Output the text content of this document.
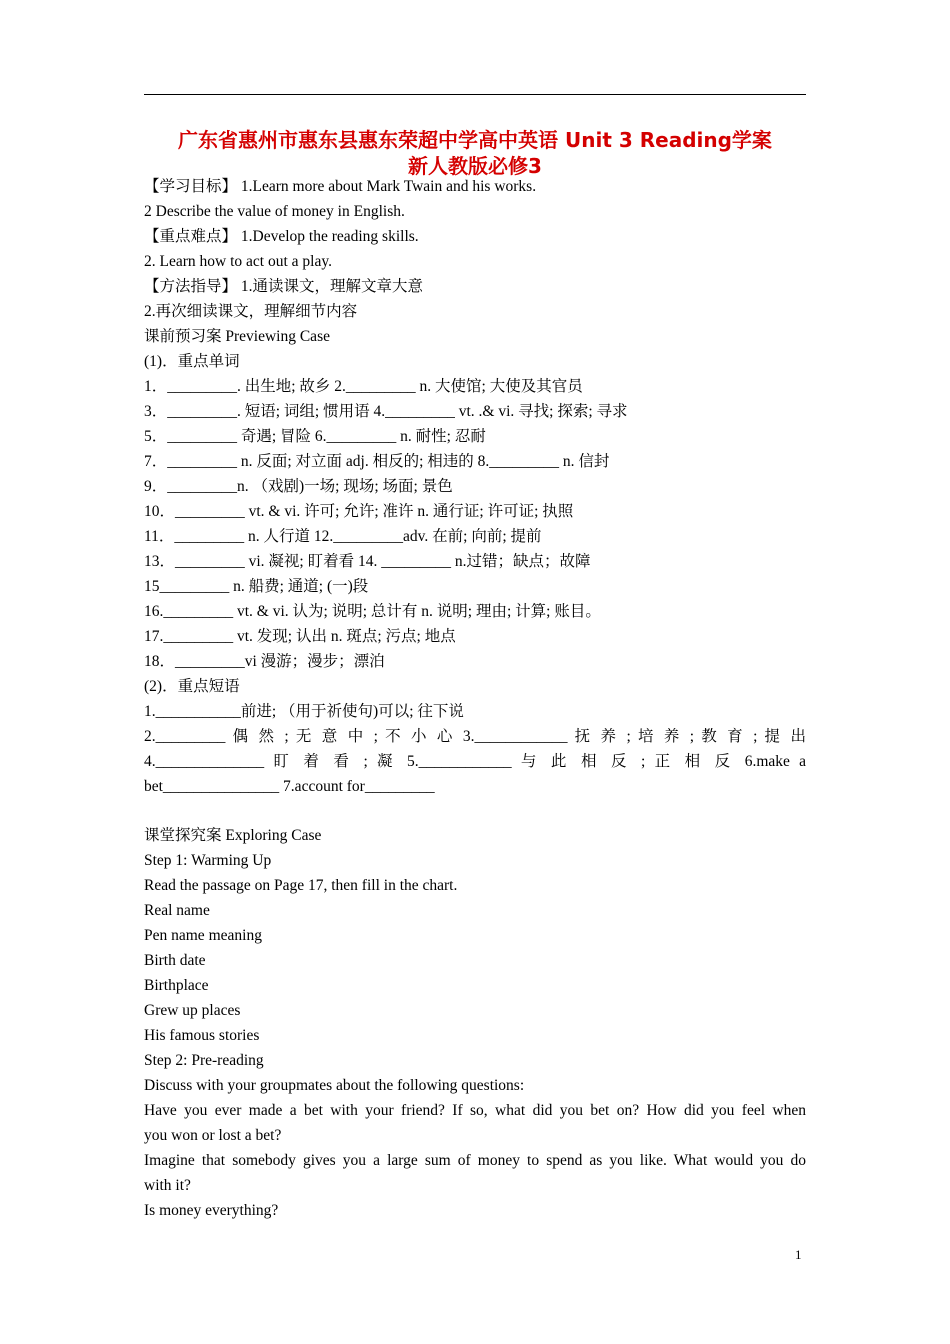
广东省惠州市惠东县惠东荣超中学高中英语 Unit 3 Reading学案
新人教版必修3
【学习目标】 1.Learn more about Mark Twain and his works.
2 Describe the value of money in English.
【重点难点】 1.Develop the reading skills.
2. Learn how to act out a play.
【方法指导】 1.通读课文，理解文章大意
2.再次细读课文，理解细节内容
课前预习案 Previewing Case
(1)．重点单词
1．_________. 出生地; 故乡 2._________ n. 大使馆; 大使及其官员
3．_________. 短语; 词组; 惯用语 4._________ vt. .& vi. 寻找; 探索; 寻求
5．_________ 奇遇; 冒险 6._________ n. 耐性; 忍耐
7．_________ n. 反面; 对立面 adj. 相反的; 相违的 8._________ n. 信封
9．_________n. （戏剧)一场; 现场; 场面; 景色
10．_________ vt. & vi. 许可; 允许; 准许 n. 通行证; 许可证; 执照
11．_________ n. 人行道 12._________adv. 在前; 向前; 提前
13．_________ vi. 凝视; 盯着看 14. _________ n.过错；缺点；故障
15_________ n. 船费; 通道; (一)段
16._________ vt. & vi. 认为; 说明; 总计有 n. 说明; 理由; 计算; 账目。
17._________ vt. 发现; 认出 n. 斑点; 污点; 地点
18．_________vi 漫游；漫步；漂泊
(2)．重点短语
1.___________前进; （用于祈使句)可以; 往下说
2._________ 偶 然 ; 无 意 中 ; 不 小 心 3.____________ 抚 养 ; 培 养 ; 教 育 ; 提 出
4.______________ 盯 着 看 ; 凝 5.____________ 与 此 相 反 ; 正 相 反 6.make a
bet_______________ 7.account for_________
课堂探究案 Exploring Case
Step 1: Warming Up
Read the passage on Page 17, then fill in the chart.
Real name
Pen name meaning
Birth date
Birthplace
Grew up places
His famous stories
Step 2: Pre-reading
Discuss with your groupmates about the following questions:
Have you ever made a bet with your friend? If so, what did you bet on? How did you feel when
you won or lost a bet?
Imagine that somebody gives you a large sum of money to spend as you like. What would you do
with it?
Is money everything?
1
